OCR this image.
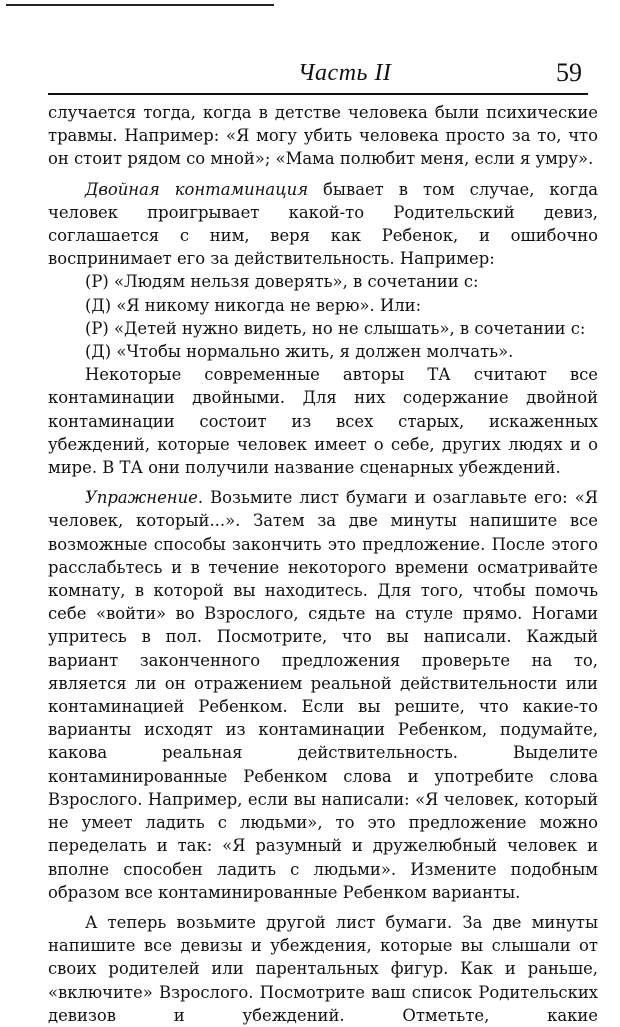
Часть II	59

случается тогда, когда в детстве человека были психические травмы. Например: «Я могу убить человека просто за то, что он стоит рядом со мной»; «Мама полюбит меня, если я умру».

Двойная контаминация бывает в том случае, когда человек проигрывает какой-то Родительский девиз, соглашается с ним, веря как Ребенок, и ошибочно воспринимает его за действительность. Например:

(Р) «Людям нельзя доверять», в сочетании с:

(Д) «Я никому никогда не верю». Или:

(Р) «Детей нужно видеть, но не слышать», в сочетании с:

(Д) «Чтобы нормально жить, я должен молчать».

Некоторые современные авторы ТА считают все контаминации двойными. Для них содержание двойной контаминации состоит из всех старых, искаженных убеждений, которые человек имеет о себе, других людях и о мире. В ТА они получили название сценарных убеждений.

Упражнение. Возьмите лист бумаги и озаглавьте его: «Я человек, который...». Затем за две минуты напишите все возможные способы закончить это предложение. После этого расслабьтесь и в течение некоторого времени осматривайте комнату, в которой вы находитесь. Для того, чтобы помочь себе «войти» во Взрослого, сядьте на стуле прямо. Ногами упритесь в пол. Посмотрите, что вы написали. Каждый вариант законченного предложения проверьте на то, является ли он отражением реальной действительности или контаминацией Ребенком. Если вы решите, что какие-то варианты исходят из контаминации Ребенком, подумайте, какова реальная действительность. Выделите контаминированные Ребенком слова и употребите слова Взрослого. Например, если вы написали: «Я человек, который не умеет ладить с людьми», то это предложение можно переделать и так: «Я разумный и дружелюбный человек и вполне способен ладить с людьми». Измените подобным образом все контаминированные Ребенком варианты.

А теперь возьмите другой лист бумаги. За две минуты напишите все девизы и убеждения, которые вы слышали от своих родителей или парентальных фигур. Как и раньше, «включите» Взрослого. Посмотрите ваш список Родительских девизов и убеждений. Отметьте, какие
